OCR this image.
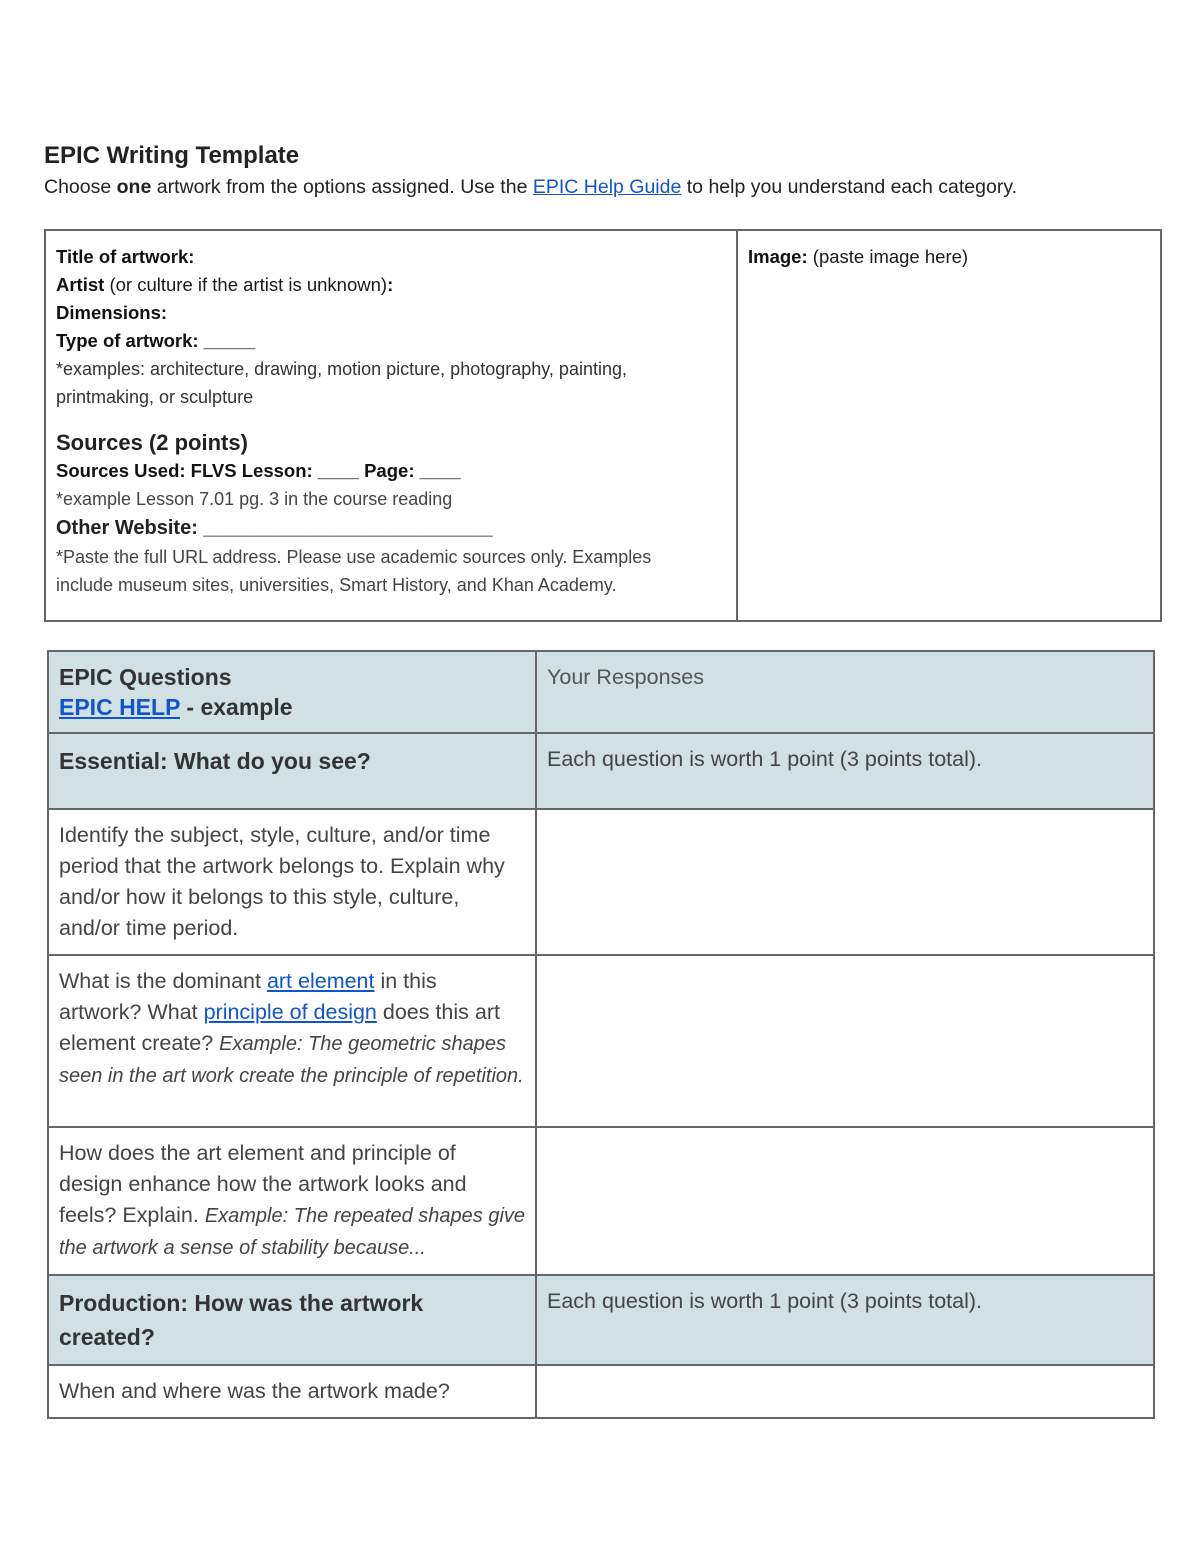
EPIC Writing Template

Choose one artwork from the options assigned. Use the EPIC Help Guide to help you understand each category.

Title of artwork:
Artist (or culture if the artist is unknown):
Dimensions:
Type of artwork: _____
*examples: architecture, drawing, motion picture, photography, painting,
printmaking, or sculpture
Sources (2 points)
Sources Used: FLVS Lesson: ____ Page: ____
*example Lesson 7.01 pg. 3 in the course reading
Other Website: __________________________
*Paste the full URL address. Please use academic sources only. Examples
include museum sites, universities, Smart History, and Khan Academy.

Image: (paste image here)
EPIC Questions
EPIC HELP - example	Your Responses

Essential: What do you see?	Each question is worth 1 point (3 points total).

Identify the subject, style, culture, and/or time period that the artwork belongs to. Explain why and/or how it belongs to this style, culture, and/or time period.	

What is the dominant art element in this artwork? What principle of design does this art element create? Example: The geometric shapes seen in the art work create the principle of repetition.	

How does the art element and principle of design enhance how the artwork looks and feels? Explain. Example: The repeated shapes give the artwork a sense of stability because...	

Production: How was the artwork created?	Each question is worth 1 point (3 points total).

When and where was the artwork made?	
